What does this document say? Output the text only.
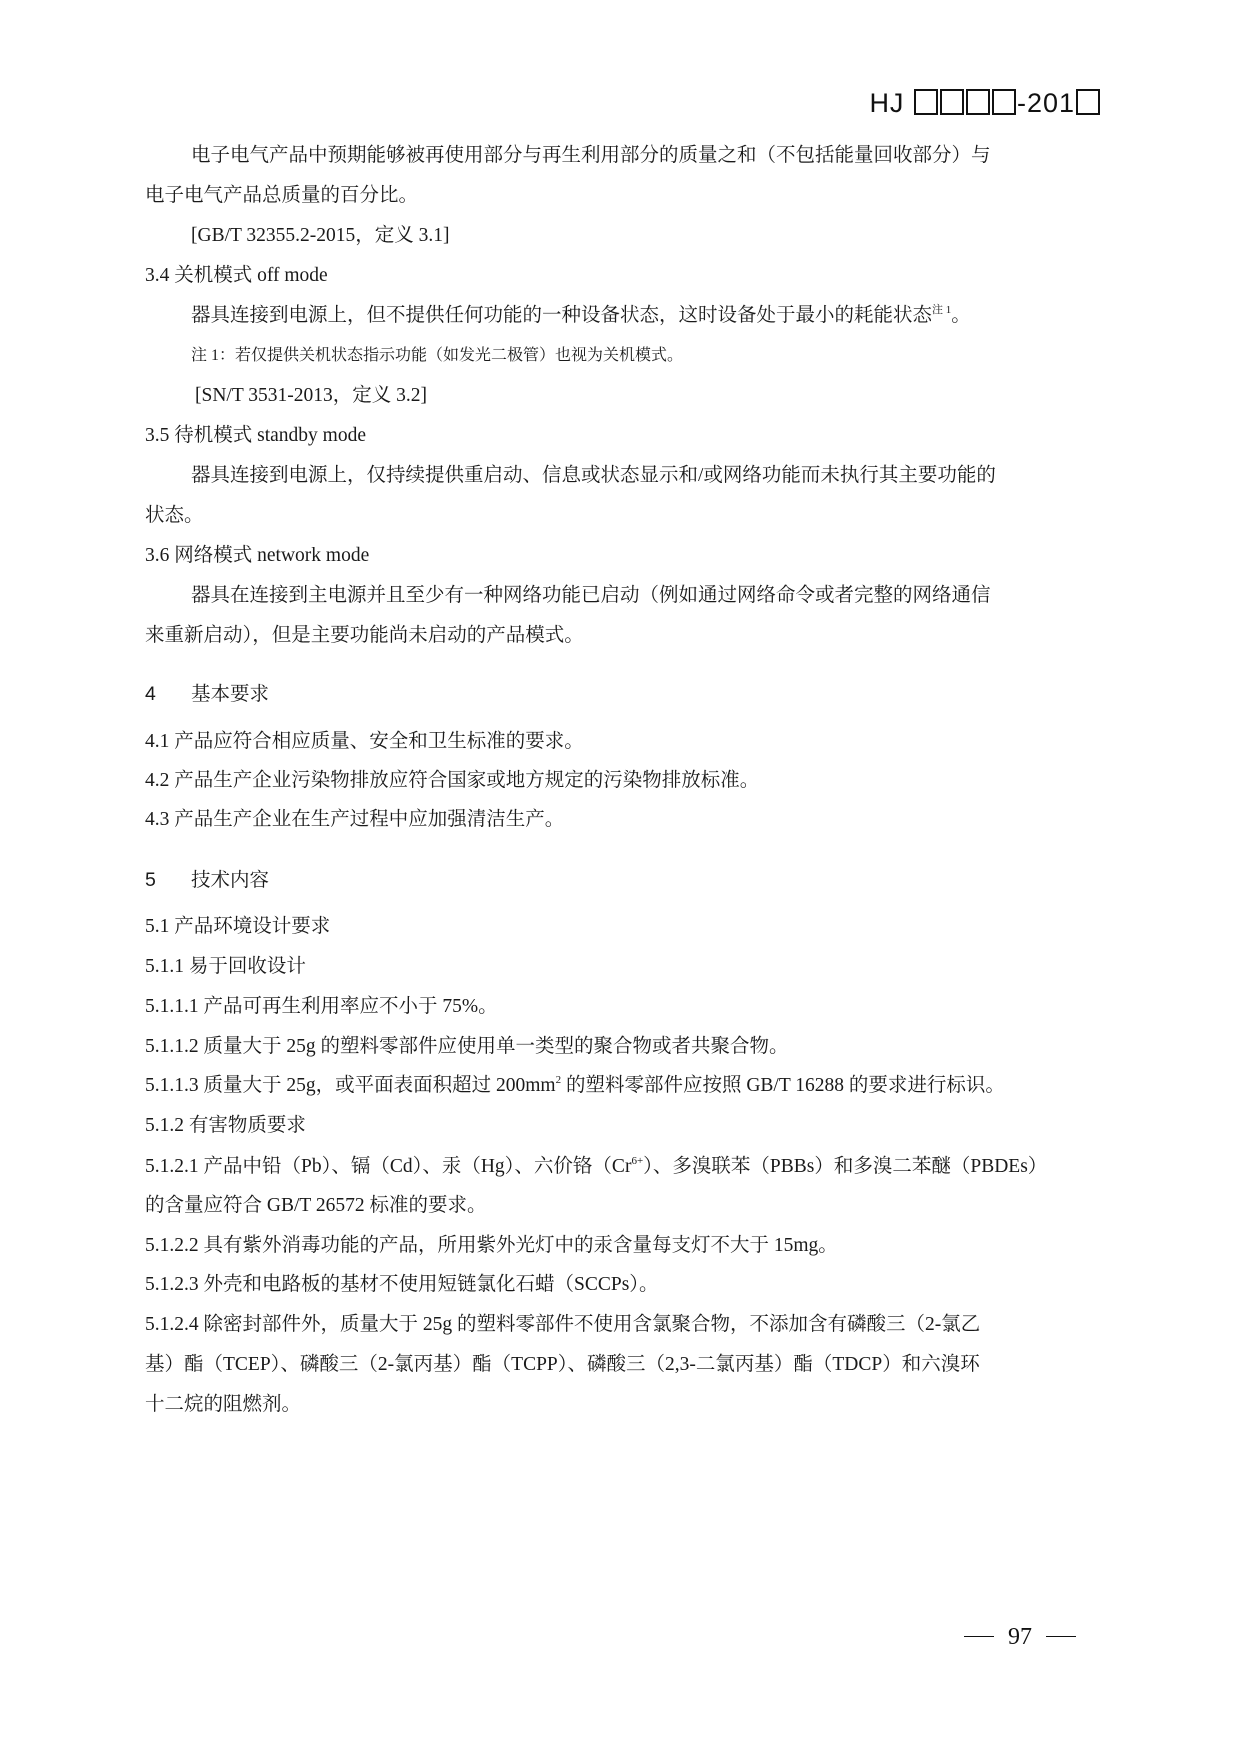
HJ	-201
电子电气产品中预期能够被再使用部分与再生利用部分的质量之和（不包括能量回收部分）与
电子电气产品总质量的百分比。
[GB/T 32355.2-2015，定义 3.1]
3.4 关机模式 off mode
器具连接到电源上，但不提供任何功能的一种设备状态，这时设备处于最小的耗能状态$^{注 1}$。
注 1：若仅提供关机状态指示功能（如发光二极管）也视为关机模式。
[SN/T 3531-2013，定义 3.2]
3.5 待机模式 standby mode
器具连接到电源上，仅持续提供重启动、信息或状态显示和/或网络功能而未执行其主要功能的
状态。
3.6 网络模式 network mode
器具在连接到主电源并且至少有一种网络功能已启动（例如通过网络命令或者完整的网络通信
来重新启动），但是主要功能尚未启动的产品模式。
4 基本要求
4.1 产品应符合相应质量、安全和卫生标准的要求。
4.2 产品生产企业污染物排放应符合国家或地方规定的污染物排放标准。
4.3 产品生产企业在生产过程中应加强清洁生产。
5 技术内容
5.1 产品环境设计要求
5.1.1 易于回收设计
5.1.1.1 产品可再生利用率应不小于 75%。
5.1.1.2 质量大于 25g 的塑料零部件应使用单一类型的聚合物或者共聚合物。
5.1.1.3 质量大于 25g，或平面表面积超过 $200mm^2$ 的塑料零部件应按照 GB/T 16288 的要求进行标识。
5.1.2 有害物质要求
5.1.2.1 产品中铅（Pb）、镉（Cd）、汞（Hg）、六价铬$(Cr^{6+})$、多溴联苯（PBBs）和多溴二苯醚（PBDEs）
的含量应符合 GB/T 26572 标准的要求。
5.1.2.2 具有紫外消毒功能的产品，所用紫外光灯中的汞含量每支灯不大于 15mg。
5.1.2.3 外壳和电路板的基材不使用短链氯化石蜡（SCCPs）。
5.1.2.4 除密封部件外，质量大于 25g 的塑料零部件不使用含氯聚合物，不添加含有磷酸三（2-氯乙
基）酯（TCEP）、磷酸三（2-氯丙基）酯（TCPP）、磷酸三（2,3-二氯丙基）酯（TDCP）和六溴环
十二烷的阻燃剂。
97
